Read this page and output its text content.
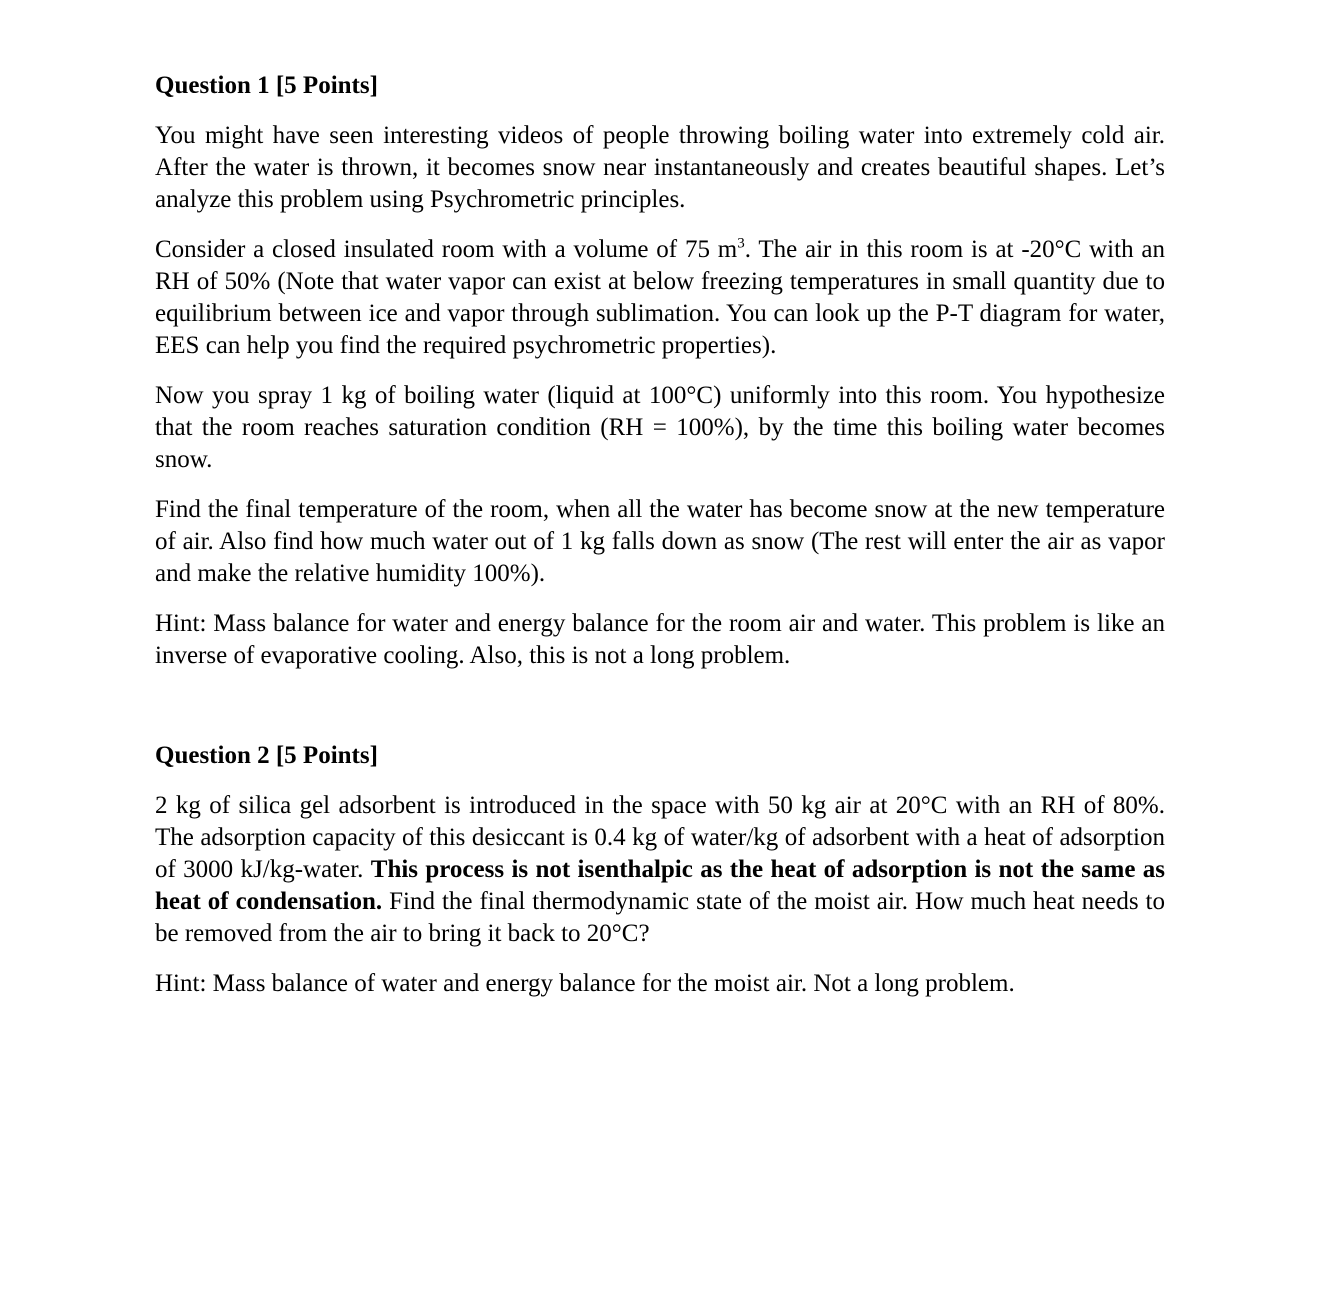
Question 1 [5 Points]

You might have seen interesting videos of people throwing boiling water into extremely cold air. After the water is thrown, it becomes snow near instantaneously and creates beautiful shapes. Let’s analyze this problem using Psychrometric principles.

Consider a closed insulated room with a volume of 75 $m^3$. The air in this room is at -20°C with an RH of 50% (Note that water vapor can exist at below freezing temperatures in small quantity due to equilibrium between ice and vapor through sublimation. You can look up the P-T diagram for water, EES can help you find the required psychrometric properties).

Now you spray 1 kg of boiling water (liquid at 100°C) uniformly into this room. You hypothesize that the room reaches saturation condition (RH = 100%), by the time this boiling water becomes snow.

Find the final temperature of the room, when all the water has become snow at the new temperature of air. Also find how much water out of 1 kg falls down as snow (The rest will enter the air as vapor and make the relative humidity 100%).

Hint: Mass balance for water and energy balance for the room air and water. This problem is like an inverse of evaporative cooling. Also, this is not a long problem.

Question 2 [5 Points]

2 kg of silica gel adsorbent is introduced in the space with 50 kg air at 20°C with an RH of 80%. The adsorption capacity of this desiccant is 0.4 kg of water/kg of adsorbent with a heat of adsorption of 3000 kJ/kg-water. This process is not isenthalpic as the heat of adsorption is not the same as heat of condensation. Find the final thermodynamic state of the moist air. How much heat needs to be removed from the air to bring it back to 20°C?

Hint: Mass balance of water and energy balance for the moist air. Not a long problem.
